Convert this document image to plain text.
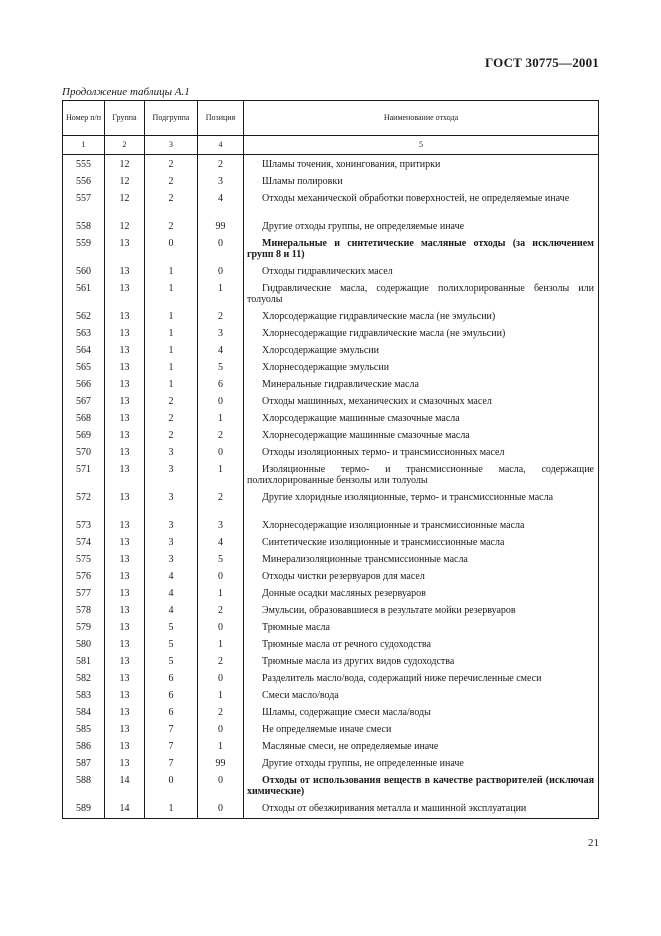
ГОСТ 30775—2001
Продолжение таблицы А.1
Номер п/п	Группа	Подгруппа	Позиция	Наименование отхода
1	2	3	4	5
555	12	2	2	Шламы точения, хонингования, притирки
556	12	2	3	Шламы полировки
557	12	2	4	Отходы механической обработки поверхностей, не определяемые иначе
558	12	2	99	Другие отходы группы, не определяемые иначе
559	13	0	0	Минеральные и синтетические масляные отходы (за исключением групп 8 и 11)
560	13	1	0	Отходы гидравлических масел
561	13	1	1	Гидравлические масла, содержащие полихлорированные бензолы или толуолы
562	13	1	2	Хлорсодержащие гидравлические масла (не эмульсии)
563	13	1	3	Хлорнесодержащие гидравлические масла (не эмульсии)
564	13	1	4	Хлорсодержащие эмульсии
565	13	1	5	Хлорнесодержащие эмульсии
566	13	1	6	Минеральные гидравлические масла
567	13	2	0	Отходы машинных, механических и смазочных масел
568	13	2	1	Хлорсодержащие машинные смазочные масла
569	13	2	2	Хлорнесодержащие машинные смазочные масла
570	13	3	0	Отходы изоляционных термо- и трансмиссионных масел
571	13	3	1	Изоляционные термо- и трансмиссионные масла, содержащие полихлорированные бензолы или толуолы
572	13	3	2	Другие хлоридные изоляционные, термо- и трансмиссионные масла
573	13	3	3	Хлорнесодержащие изоляционные и трансмиссионные масла
574	13	3	4	Синтетические изоляционные и трансмиссионные масла
575	13	3	5	Минерализоляционные трансмиссионные масла
576	13	4	0	Отходы чистки резервуаров для масел
577	13	4	1	Донные осадки масляных резервуаров
578	13	4	2	Эмульсии, образовавшиеся в результате мойки резервуаров
579	13	5	0	Трюмные масла
580	13	5	1	Трюмные масла от речного судоходства
581	13	5	2	Трюмные масла из других видов судоходства
582	13	6	0	Разделитель масло/вода, содержащий ниже перечисленные смеси
583	13	6	1	Смеси масло/вода
584	13	6	2	Шламы, содержащие смеси масла/воды
585	13	7	0	Не определяемые иначе смеси
586	13	7	1	Масляные смеси, не определяемые иначе
587	13	7	99	Другие отходы группы, не определенные иначе
588	14	0	0	Отходы от использования веществ в качестве растворителей (исключая химические)
589	14	1	0	Отходы от обезжиривания металла и машинной эксплуатации
21
